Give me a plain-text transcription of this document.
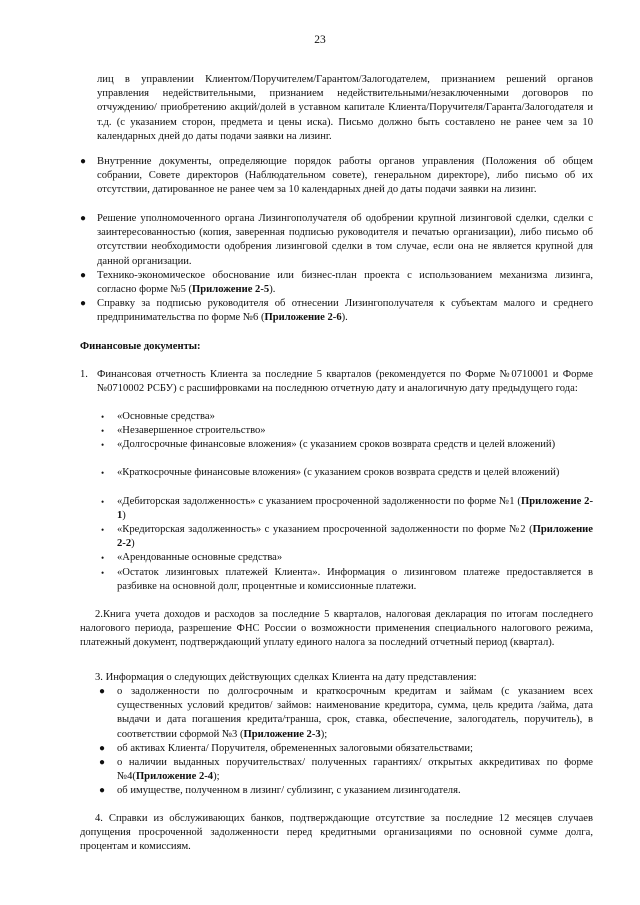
23

лиц в управлении Клиентом/Поручителем/Гарантом/Залогодателем, признанием решений органов управления недействительными, признанием недействительными/незаключенными договоров по отчуждению/ приобретению акций/долей в уставном капитале Клиента/Поручителя/Гаранта/Залогодателя и т.д. (с указанием сторон, предмета и цены иска). Письмо должно быть составлено не ранее чем за 10 календарных дней до даты подачи заявки на лизинг.

● Внутренние документы, определяющие порядок работы органов управления (Положения об общем собрании, Совете директоров (Наблюдательном совете), генеральном директоре), либо письмо об их отсутствии, датированное не ранее чем за 10 календарных дней до даты подачи заявки на лизинг.

● Решение уполномоченного органа Лизингополучателя об одобрении крупной лизинговой сделки, сделки с заинтересованностью (копия, заверенная подписью руководителя и печатью организации), либо письмо об отсутствии необходимости одобрения лизинговой сделки в том случае, если она не является крупной для данной организации.

● Технико-экономическое обоснование или бизнес-план проекта с использованием механизма лизинга, согласно форме №5 (Приложение 2-5).

● Справку за подписью руководителя об отнесении Лизингополучателя к субъектам малого и среднего предпринимательства по форме №6 (Приложение 2-6).

Финансовые документы:

1. Финансовая отчетность Клиента за последние 5 кварталов (рекомендуется по Форме №0710001 и Форме №0710002 РСБУ) с расшифровками на последнюю отчетную дату и аналогичную дату предыдущего года:

• «Основные средства»

• «Незавершенное строительство»

• «Долгосрочные финансовые вложения» (с указанием сроков возврата средств и целей вложений)

• «Краткосрочные финансовые вложения» (с указанием сроков возврата средств и целей вложений)

• «Дебиторская задолженность» с указанием просроченной задолженности по форме №1 (Приложение 2-1)

• «Кредиторская задолженность» с указанием просроченной задолженности по форме №2 (Приложение 2-2)

• «Арендованные основные средства»

• «Остаток лизинговых платежей Клиента». Информация о лизинговом платеже предоставляется в разбивке на основной долг, процентные и комиссионные платежи.

2.Книга учета доходов и расходов за последние 5 кварталов, налоговая декларация по итогам последнего налогового периода, разрешение ФНС России о возможности применения специального налогового режима, платежный документ, подтверждающий уплату единого налога за последний отчетный период (квартал).

3. Информация о следующих действующих сделках Клиента на дату представления:

● о задолженности по долгосрочным и краткосрочным кредитам и займам (с указанием всех существенных условий кредитов/ займов: наименование кредитора, сумма, цель кредита /займа, дата выдачи и дата погашения кредита/транша, срок, ставка, обеспечение, залогодатель, поручитель), в соответствии сформой №3 (Приложение 2-3);

● об активах Клиента/ Поручителя, обремененных залоговыми обязательствами;

● о наличии выданных поручительствах/ полученных гарантиях/ открытых аккредитивах по форме №4(Приложение 2-4);

● об имуществе, полученном в лизинг/ сублизинг, с указанием лизингодателя.

4. Справки из обслуживающих банков, подтверждающие отсутствие за последние 12 месяцев случаев допущения просроченной задолженности перед кредитными организациями по основной сумме долга, процентам и комиссиям.
